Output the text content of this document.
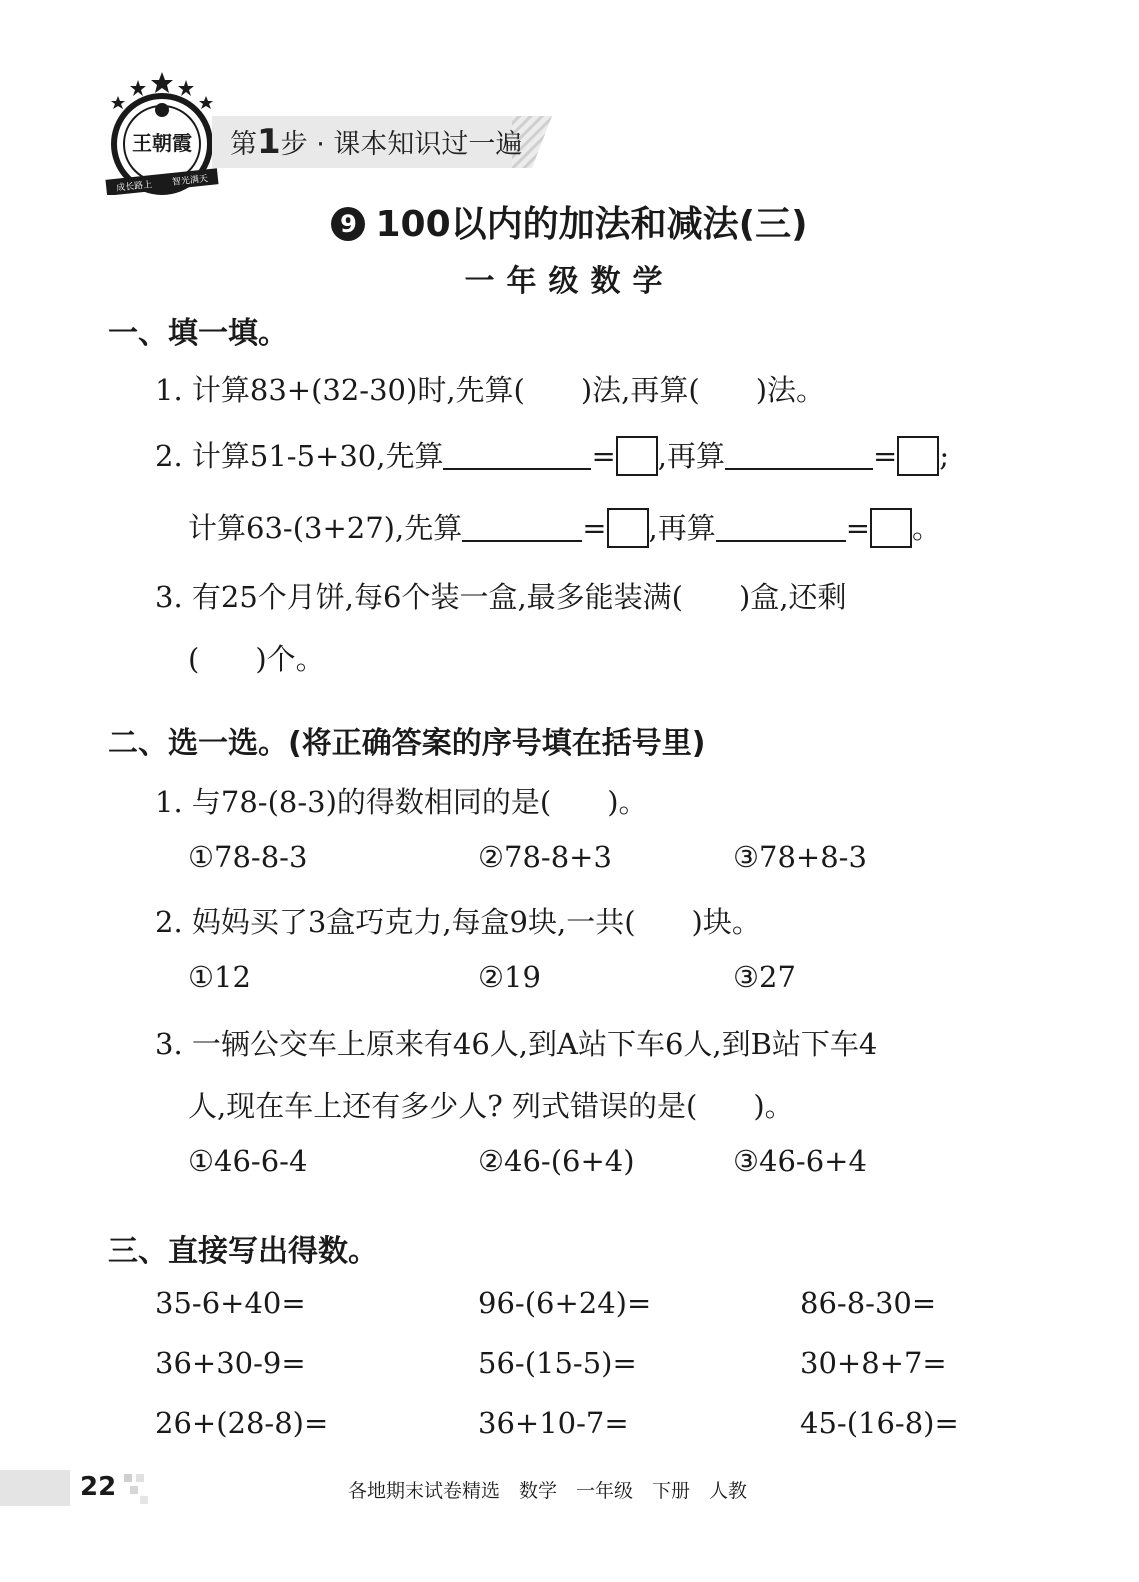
王朝霞
成长路上 智光满天
第1步 · 课本知识过一遍
9 100以内的加法和减法(三)
一年级数学
一、填一填。
1. 计算83+(32-30)时,先算( )法,再算( )法。
2. 计算51-5+30,先算	= ,再算	= ;
计算63-(3+27),先算	= ,再算	= 。
3. 有25个月饼,每6个装一盒,最多能装满( )盒,还剩
( )个。
二、选一选。(将正确答案的序号填在括号里)
1. 与78-(8-3)的得数相同的是( )。
①78-8-3	②78-8+3	③78+8-3
2. 妈妈买了3盒巧克力,每盒9块,一共( )块。
①12	②19	③27
3. 一辆公交车上原来有46人,到A站下车6人,到B站下车4
人,现在车上还有多少人? 列式错误的是( )。
①46-6-4	②46-(6+4)	③46-6+4
三、直接写出得数。
35-6+40=	96-(6+24)=	86-8-30=
36+30-9=	56-(15-5)=	30+8+7=
26+(28-8)=	36+10-7=	45-(16-8)=
22	各地期末试卷精选　数学　一年级　下册　人教
